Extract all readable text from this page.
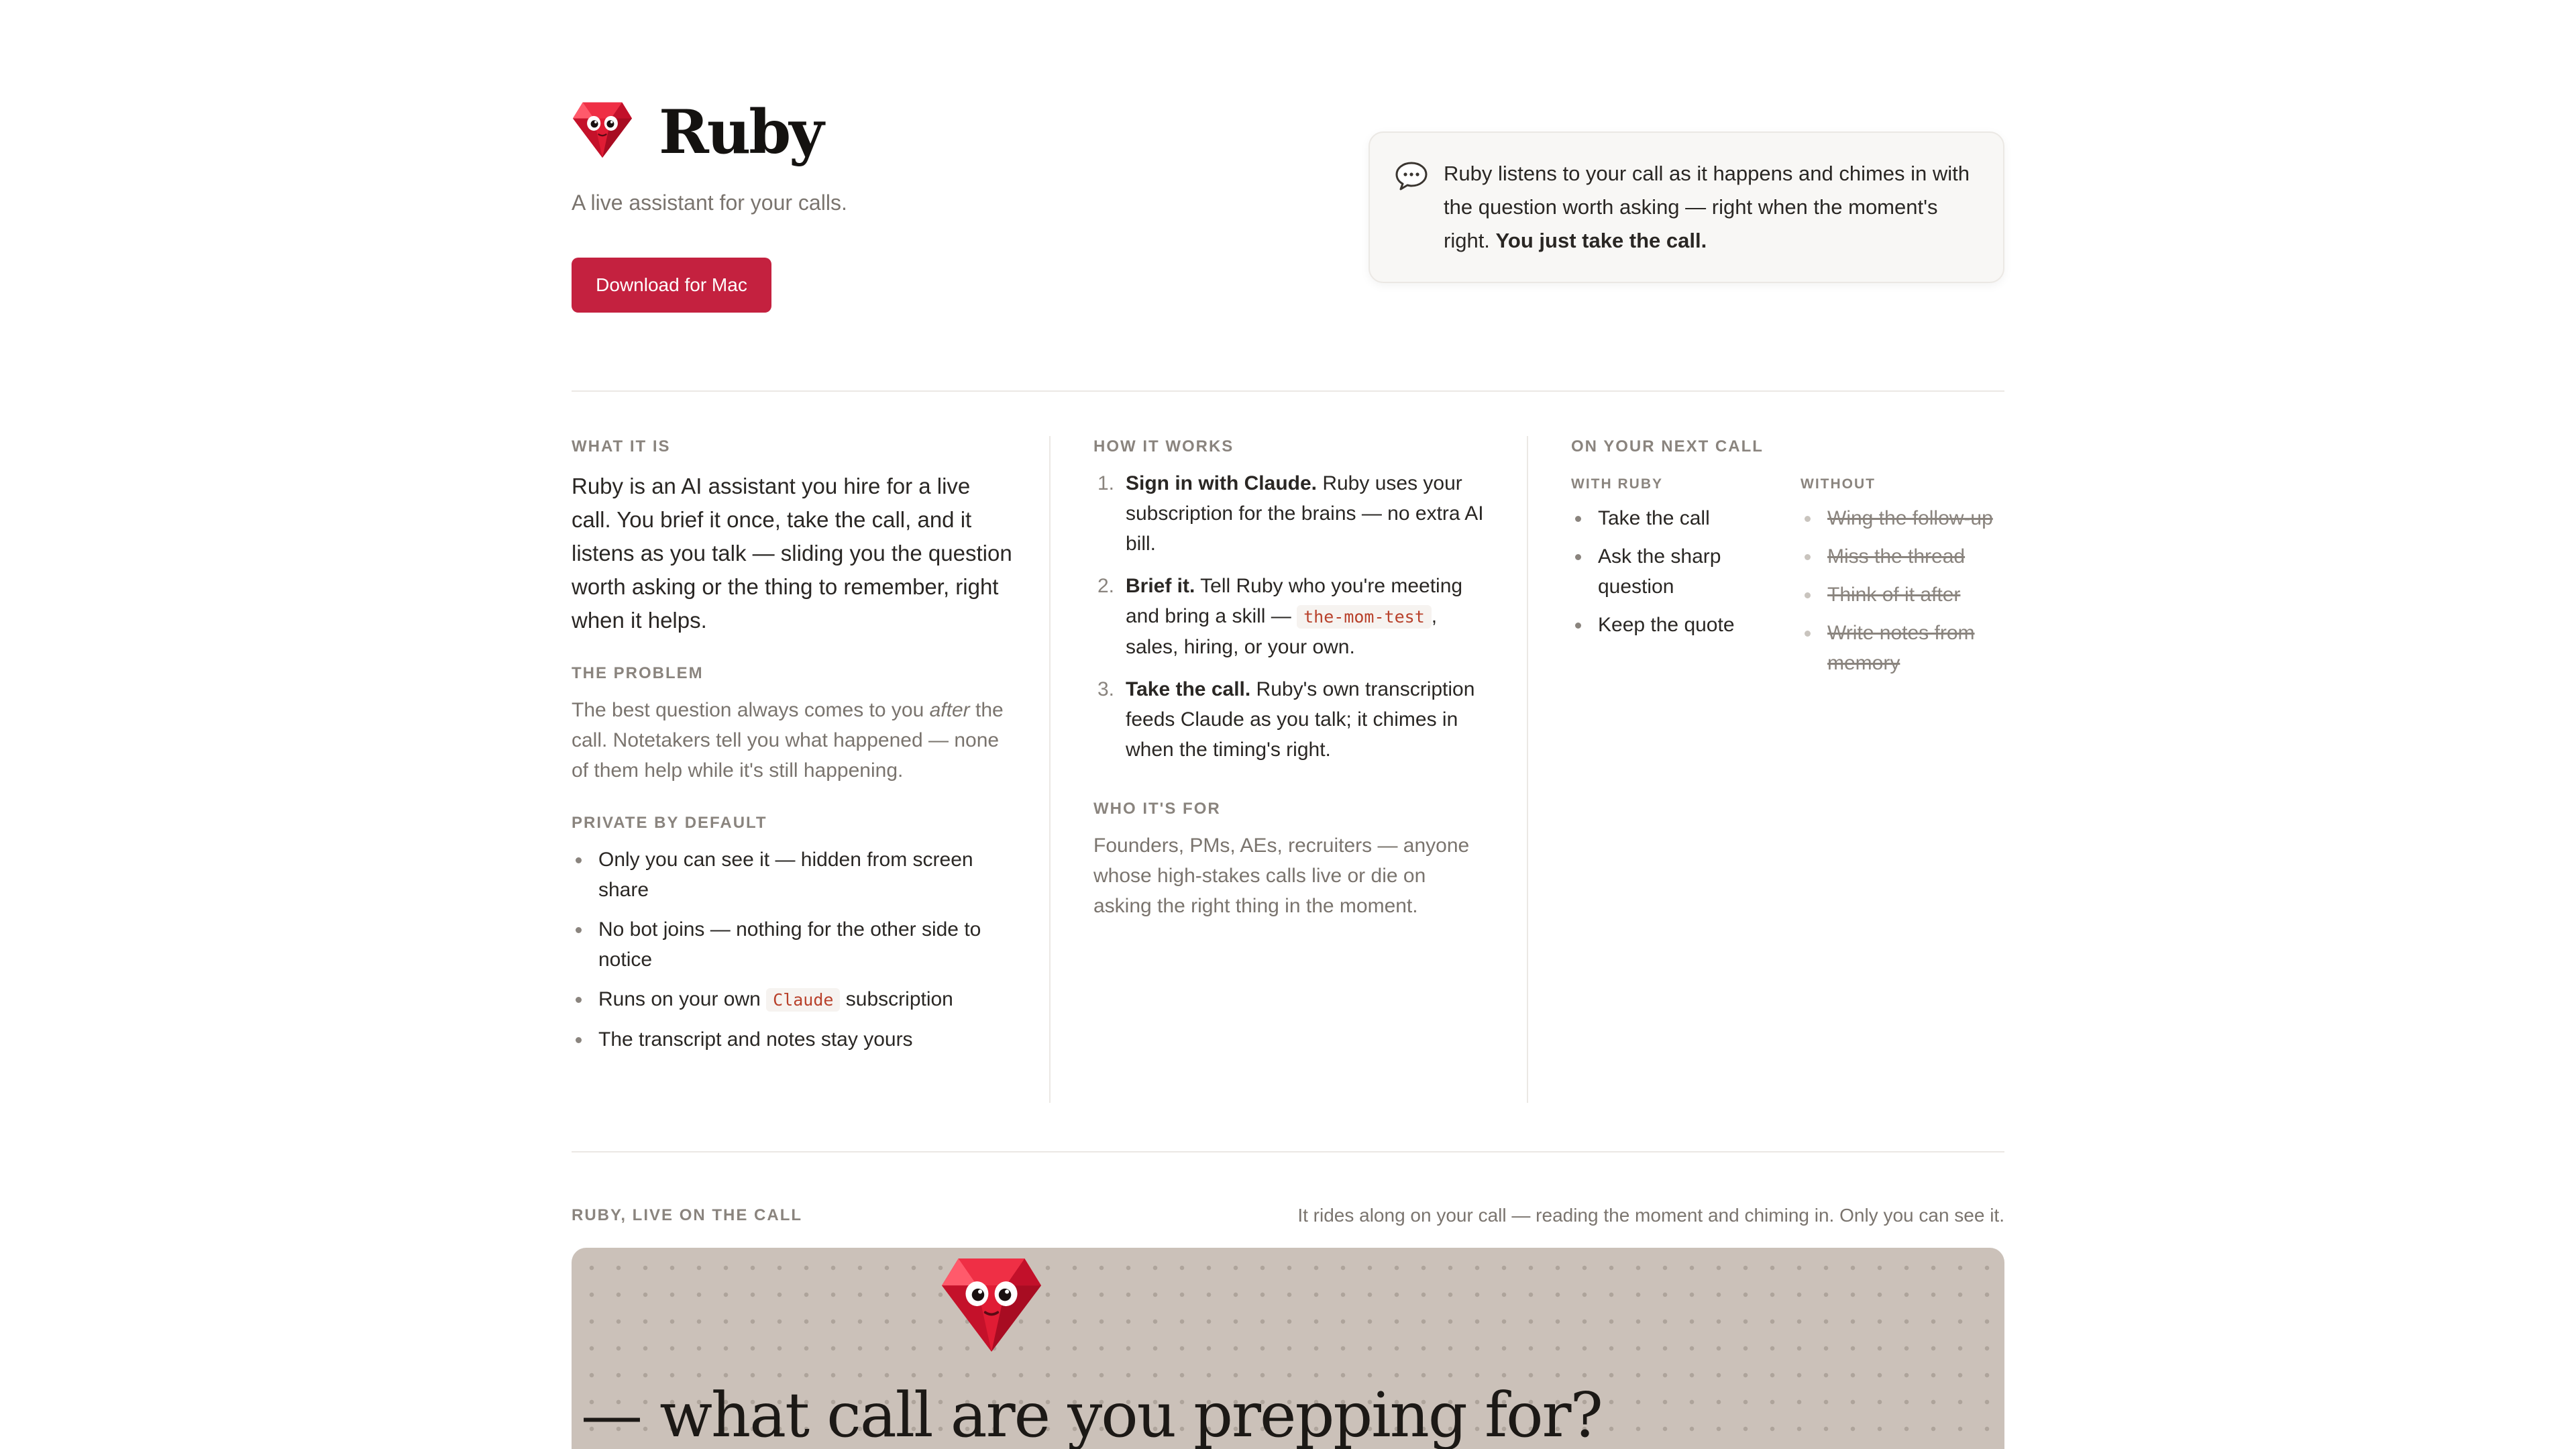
Ruby
A live assistant for your calls.
Download for Mac
Ruby listens to your call as it happens and chimes in with the question worth asking — right when the moment's right. You just take the call.
WHAT IT IS
Ruby is an AI assistant you hire for a live call. You brief it once, take the call, and it listens as you talk — sliding you the question worth asking or the thing to remember, right when it helps.
THE PROBLEM
The best question always comes to you after the call. Notetakers tell you what happened — none of them help while it's still happening.
PRIVATE BY DEFAULT
Only you can see it — hidden from screen share
No bot joins — nothing for the other side to notice
Runs on your own Claude subscription
The transcript and notes stay yours
HOW IT WORKS
1. Sign in with Claude. Ruby uses your subscription for the brains — no extra AI bill.
2. Brief it. Tell Ruby who you're meeting and bring a skill — the-mom-test , sales, hiring, or your own.
3. Take the call. Ruby's own transcription feeds Claude as you talk; it chimes in when the timing's right.
WHO IT'S FOR
Founders, PMs, AEs, recruiters — anyone whose high-stakes calls live or die on asking the right thing in the moment.
ON YOUR NEXT CALL
WITH RUBY
Take the call
Ask the sharp question
Keep the quote
WITHOUT
Wing the follow-up
Miss the thread
Think of it after
Write notes from memory
RUBY, LIVE ON THE CALL	It rides along on your call — reading the moment and chiming in. Only you can see it.
— what call are you prepping for?
